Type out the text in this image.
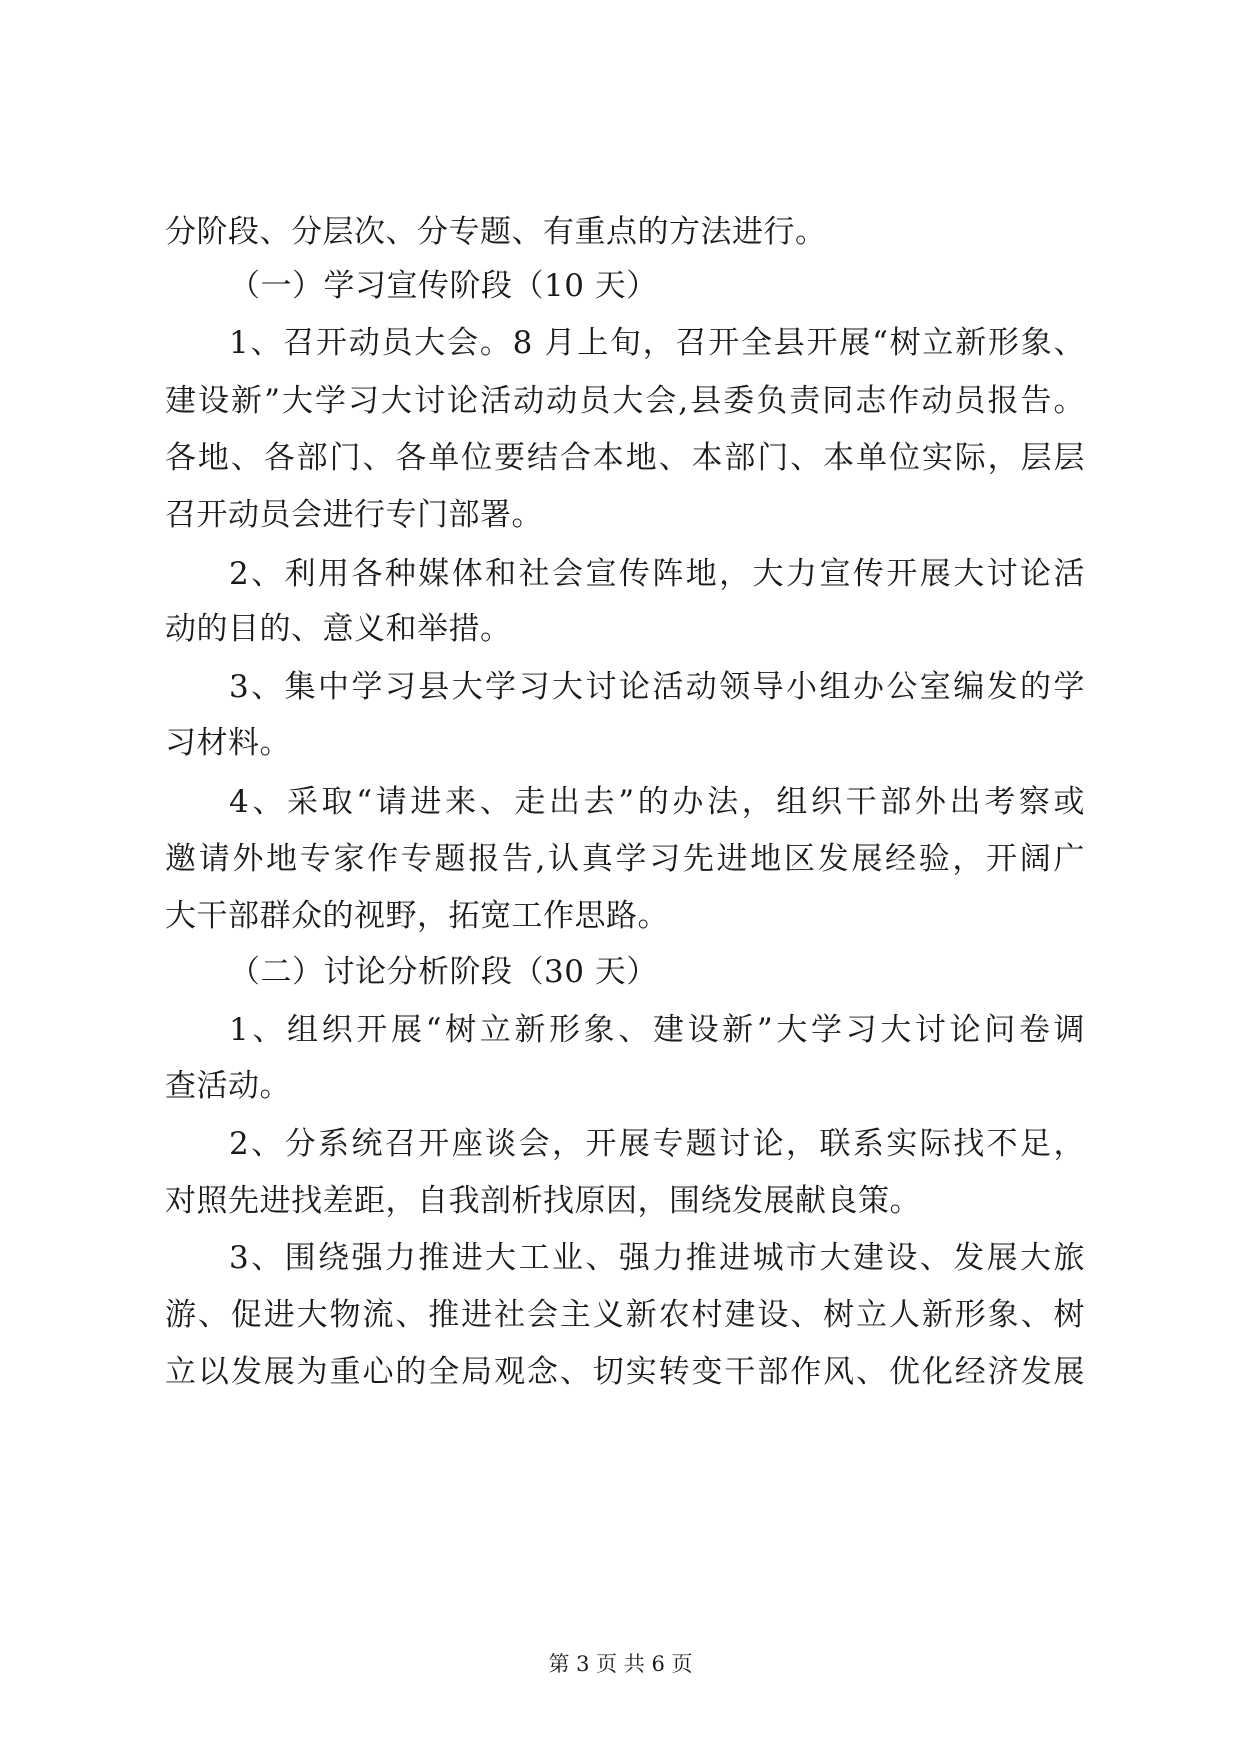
分阶段、分层次、分专题、有重点的方法进行。
（一）学习宣传阶段（10 天）
1、召开动员大会。8 月上旬，召开全县开展“树立新形象、
建设新”大学习大讨论活动动员大会,县委负责同志作动员报告。
各地、各部门、各单位要结合本地、本部门、本单位实际，层层
召开动员会进行专门部署。
2、利用各种媒体和社会宣传阵地，大力宣传开展大讨论活
动的目的、意义和举措。
3、集中学习县大学习大讨论活动领导小组办公室编发的学
习材料。
4、采取“请进来、走出去”的办法，组织干部外出考察或
邀请外地专家作专题报告,认真学习先进地区发展经验，开阔广
大干部群众的视野，拓宽工作思路。
（二）讨论分析阶段（30 天）
1、组织开展“树立新形象、建设新”大学习大讨论问卷调
查活动。
2、分系统召开座谈会，开展专题讨论，联系实际找不足，
对照先进找差距，自我剖析找原因，围绕发展献良策。
3、围绕强力推进大工业、强力推进城市大建设、发展大旅
游、促进大物流、推进社会主义新农村建设、树立人新形象、树
立以发展为重心的全局观念、切实转变干部作风、优化经济发展
第 3 页 共 6 页
